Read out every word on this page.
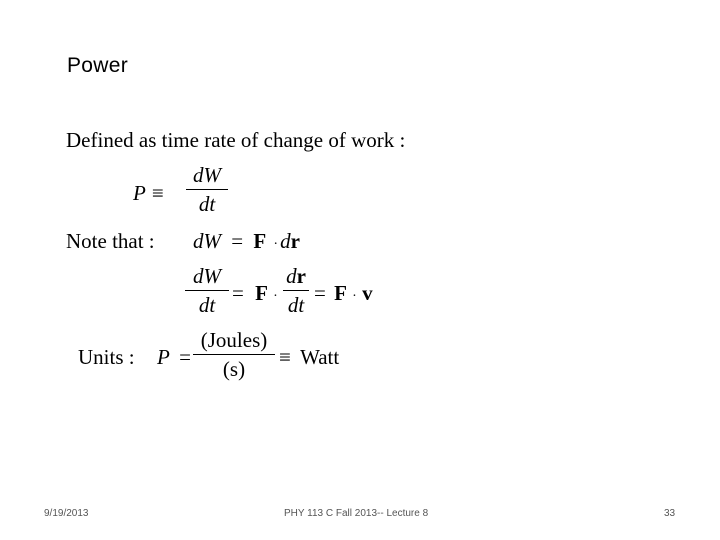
Power
Defined as time rate of change of work :
P ≡
dW
dt
Note that : dW = F ·dr
dW
dt = F ·
dr
dt = F · v
Units : P =
(Joules)
(s)	≡ Watt
9/19/2013	PHY 113 C Fall 2013-- Lecture 8	33
